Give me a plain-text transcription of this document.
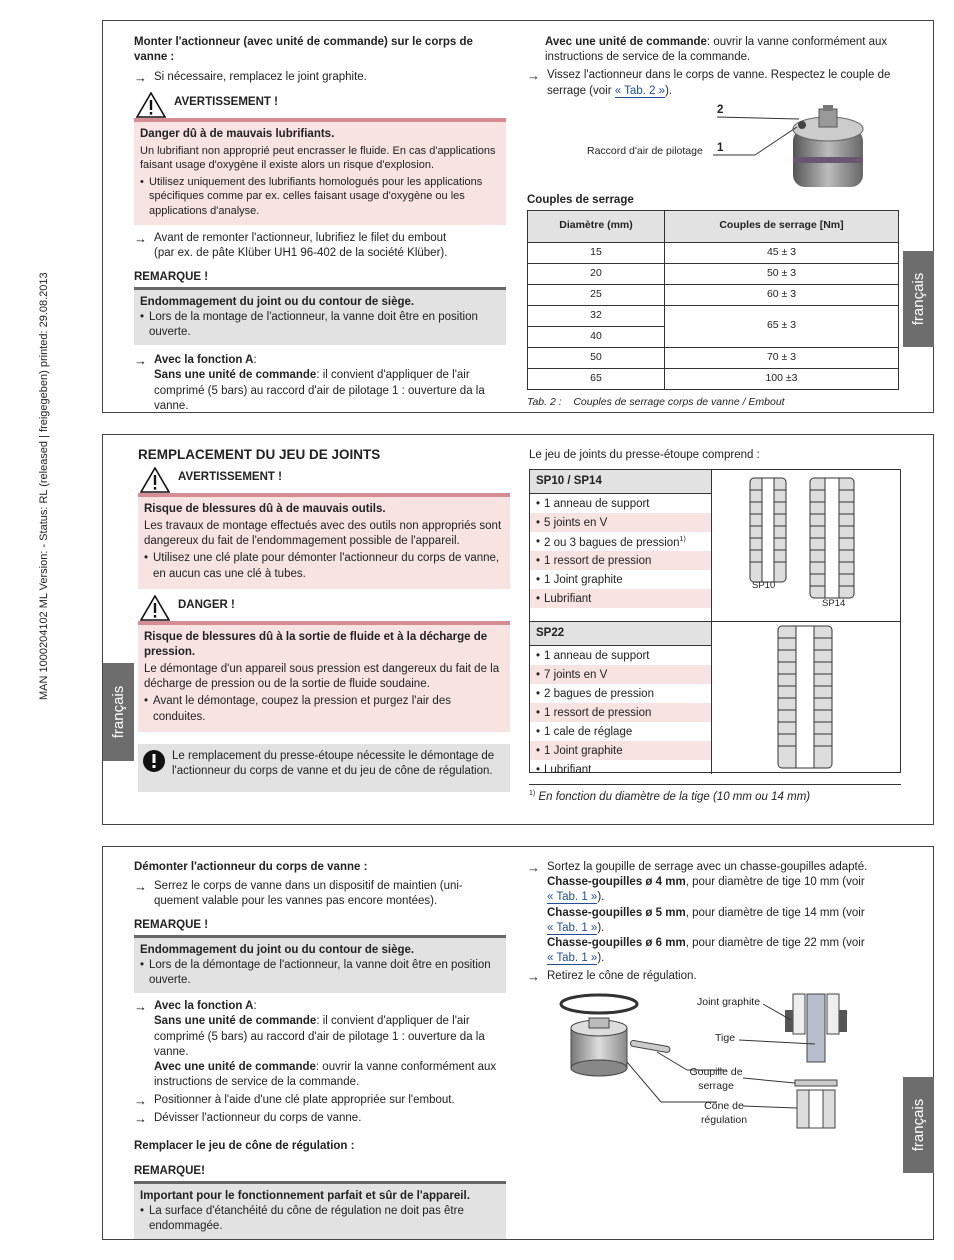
MAN 1000204102 ML Version: - Status: RL (released | freigegeben) printed: 29.08.2013
Monter l'actionneur (avec unité de commande) sur le corps de vanne :
→ Si nécessaire, remplacez le joint graphite.
AVERTISSEMENT !

Danger dû à de mauvais lubrifiants.

Un lubrifiant non approprié peut encrasser le fluide. En cas d'applications faisant usage d'oxygène il existe alors un risque d'explosion.

• Utilisez uniquement des lubrifiants homologués pour les applications spécifiques comme par ex. celles faisant usage d'oxygène ou les applications d'analyse.

→ Avant de remonter l'actionneur, lubrifiez le filet du embout
(par ex. de pâte Klüber UH1 96-402 de la société Klüber).
REMARQUE !

Endommagement du joint ou du contour de siège.

• Lors de la montage de l'actionneur, la vanne doit être en position ouverte.

→ Avec la fonction A:
Sans une unité de commande: il convient d'appliquer de l'air comprimé (5 bars) au raccord d'air de pilotage 1 : ouverture da la vanne.
Avec une unité de commande: ouvrir la vanne conformément aux instructions de service de la commande.
→ Vissez l'actionneur dans le corps de vanne. Respectez le couple de serrage (voir « Tab. 2 »).
2
1
Raccord d'air de pilotage
Couples de serrage
Diamètre (mm)	Couples de serrage [Nm]
15	45 ± 3
20	50 ± 3
25	60 ± 3
32	65 ± 3
40	
50	70 ± 3
65	100 ±3
Tab. 2 : Couples de serrage corps de vanne / Embout
français
français
REMPLACEMENT DU JEU DE JOINTS
AVERTISSEMENT !

Risque de blessures dû à de mauvais outils.

Les travaux de montage effectués avec des outils non appropriés sont dangereux du fait de l'endommagement possible de l'appareil.

• Utilisez une clé plate pour démonter l'actionneur du corps de vanne, en aucun cas une clé à tubes.

DANGER !

Risque de blessures dû à la sortie de fluide et à la décharge de pression.

Le démontage d'un appareil sous pression est dangereux du fait de la décharge de pression ou de la sortie de fluide soudaine.

• Avant le démontage, coupez la pression et purgez l'air des conduites.

Le remplacement du presse-étoupe nécessite le démontage de l'actionneur du corps de vanne et du jeu de cône de régulation.

Le jeu de joints du presse-étoupe comprend :
SP10 / SP14
• 1 anneau de support
• 5 joints en V
• 2 ou 3 bagues de pression$^{1)}$
• 1 ressort de pression
• 1 Joint graphite
• Lubrifiant
SP10
SP14
SP22
• 1 anneau de support
• 7 joints en V
• 2 bagues de pression
• 1 ressort de pression
• 1 cale de réglage
• 1 Joint graphite
• Lubrifiant
$^{1)}$ En fonction du diamètre de la tige (10 mm ou 14 mm)
Démonter l'actionneur du corps de vanne :
→ Serrez le corps de vanne dans un dispositif de maintien (uni-quement valable pour les vannes pas encore montées).
REMARQUE !

Endommagement du joint ou du contour de siège.

• Lors de la démontage de l'actionneur, la vanne doit être en position ouverte.

→ Avec la fonction A:
Sans une unité de commande: il convient d'appliquer de l'air comprimé (5 bars) au raccord d'air de pilotage 1 : ouverture da la vanne.
Avec une unité de commande: ouvrir la vanne conformément aux instructions de service de la commande.
→ Positionner à l'aide d'une clé plate appropriée sur l'embout.
→ Dévisser l'actionneur du corps de vanne.
Remplacer le jeu de cône de régulation :
REMARQUE!

Important pour le fonctionnement parfait et sûr de l'appareil.

• La surface d'étanchéité du cône de régulation ne doit pas être endommagée.

→ Sortez la goupille de serrage avec un chasse-goupilles adapté.
Chasse-goupilles ø 4 mm, pour diamètre de tige 10 mm (voir
« Tab. 1 »).
Chasse-goupilles ø 5 mm, pour diamètre de tige 14 mm (voir
« Tab. 1 »).
Chasse-goupilles ø 6 mm, pour diamètre de tige 22 mm (voir
« Tab. 1 »).
→ Retirez le cône de régulation.
Joint graphite
Tige
Goupille de serrage
Cône de régulation	français
